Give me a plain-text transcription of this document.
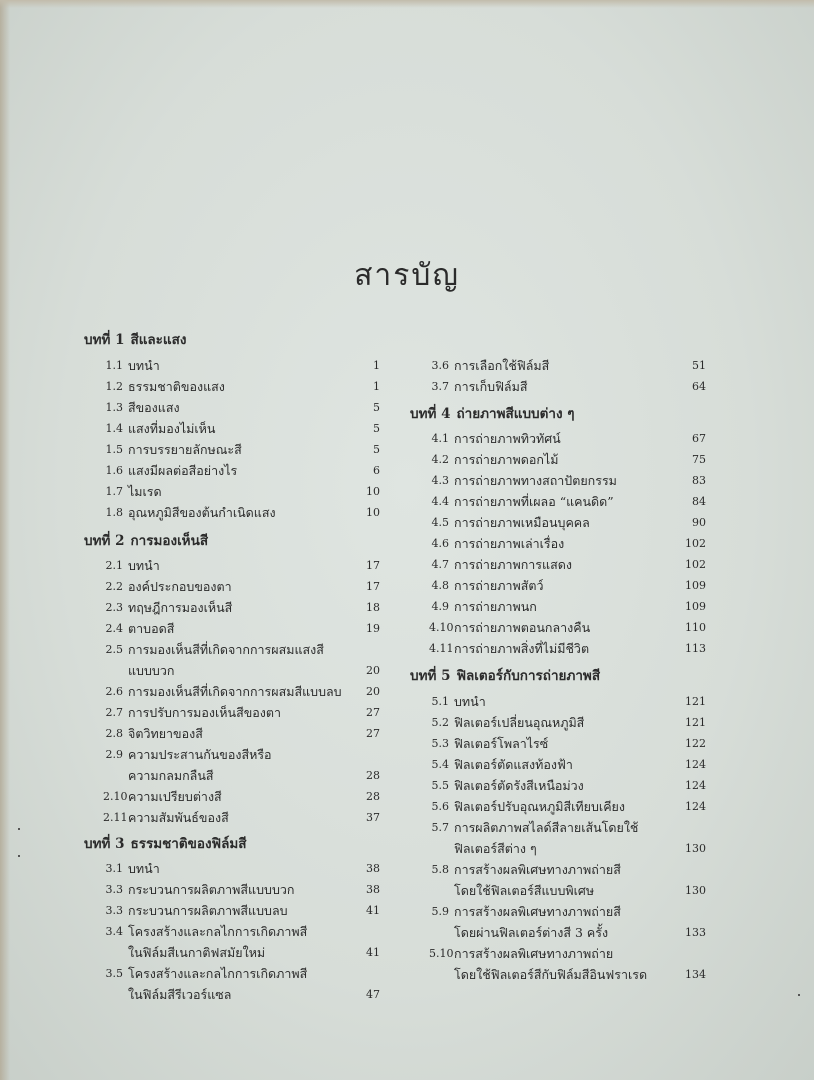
สารบัญ
บทที่ 1 สีและแสง
1.1 บทนำ	1
1.2 ธรรมชาติของแสง	1
1.3 สีของแสง	5
1.4 แสงที่มองไม่เห็น	5
1.5 การบรรยายลักษณะสี	5
1.6 แสงมีผลต่อสีอย่างไร	6
1.7 ไมเรด	10
1.8 อุณหภูมิสีของต้นกำเนิดแสง	10
บทที่ 2 การมองเห็นสี
2.1 บทนำ	17
2.2 องค์ประกอบของตา	17
2.3 ทฤษฎีการมองเห็นสี	18
2.4 ตาบอดสี	19
2.5 การมองเห็นสีที่เกิดจากการผสมแสงสี
แบบบวก	20
2.6 การมองเห็นสีที่เกิดจากการผสมสีแบบลบ	20
2.7 การปรับการมองเห็นสีของตา	27
2.8 จิตวิทยาของสี	27
2.9 ความประสานกันของสีหรือ
ความกลมกลืนสี	28
2.10 ความเปรียบต่างสี	28
2.11 ความสัมพันธ์ของสี	37
บทที่ 3 ธรรมชาติของฟิล์มสี
3.1 บทนำ	38
3.3 กระบวนการผลิตภาพสีแบบบวก	38
3.3 กระบวนการผลิตภาพสีแบบลบ	41
3.4 โครงสร้างและกลไกการเกิดภาพสี
ในฟิล์มสีเนกาติฟสมัยใหม่	41
3.5 โครงสร้างและกลไกการเกิดภาพสี
ในฟิล์มสีรีเวอร์แซล	47
3.6 การเลือกใช้ฟิล์มสี	51
3.7 การเก็บฟิล์มสี	64
บทที่ 4 ถ่ายภาพสีแบบต่าง ๆ
4.1 การถ่ายภาพทิวทัศน์	67
4.2 การถ่ายภาพดอกไม้	75
4.3 การถ่ายภาพทางสถาปัตยกรรม	83
4.4 การถ่ายภาพที่เผลอ “แคนดิด”	84
4.5 การถ่ายภาพเหมือนบุคคล	90
4.6 การถ่ายภาพเล่าเรื่อง	102
4.7 การถ่ายภาพการแสดง	102
4.8 การถ่ายภาพสัตว์	109
4.9 การถ่ายภาพนก	109
4.10 การถ่ายภาพตอนกลางคืน	110
4.11 การถ่ายภาพสิ่งที่ไม่มีชีวิต	113
บทที่ 5 ฟิลเตอร์กับการถ่ายภาพสี
5.1 บทนำ	121
5.2 ฟิลเตอร์เปลี่ยนอุณหภูมิสี	121
5.3 ฟิลเตอร์โพลาไรซ์	122
5.4 ฟิลเตอร์ตัดแสงท้องฟ้า	124
5.5 ฟิลเตอร์ตัดรังสีเหนือม่วง	124
5.6 ฟิลเตอร์ปรับอุณหภูมิสีเทียบเคียง	124
5.7 การผลิตภาพสไลด์สีลายเส้นโดยใช้
ฟิลเตอร์สีต่าง ๆ	130
5.8 การสร้างผลพิเศษทางภาพถ่ายสี
โดยใช้ฟิลเตอร์สีแบบพิเศษ	130
5.9 การสร้างผลพิเศษทางภาพถ่ายสี
โดยผ่านฟิลเตอร์ต่างสี 3 ครั้ง	133
5.10 การสร้างผลพิเศษทางภาพถ่าย
โดยใช้ฟิลเตอร์สีกับฟิล์มสีอินฟราเรด	134
